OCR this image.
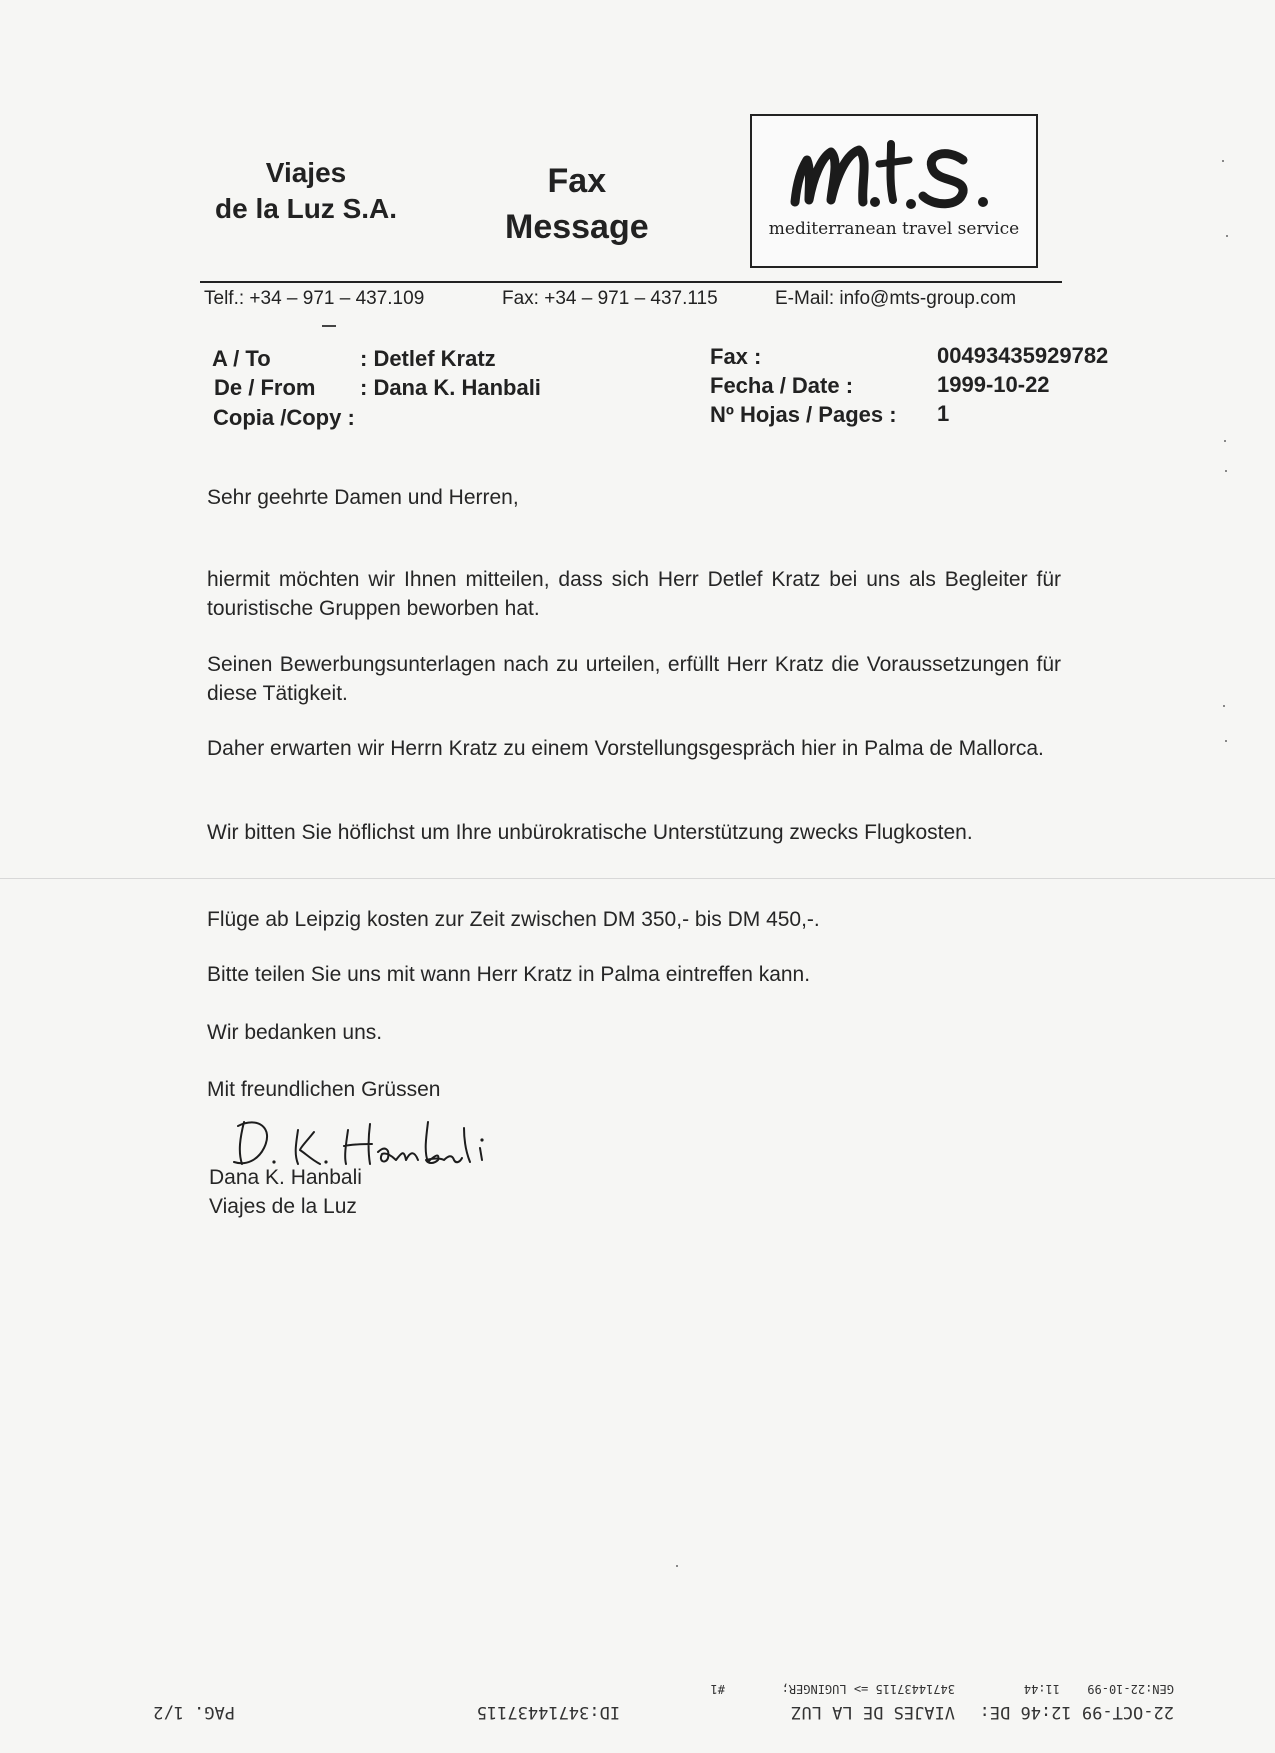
Viajes
de la Luz S.A.
Fax
Message	mediterranean travel service
Telf.: +34 – 971 – 437.109	Fax: +34 – 971 – 437.115	E-Mail: info@mts-group.com
A / To	: Detlef Kratz
De / From : Dana K. Hanbali
Copia /Copy :
Fax :	00493435929782
Fecha / Date :	1999-10-22
Nº Hojas / Pages : 1
Sehr geehrte Damen und Herren,
hiermit möchten wir Ihnen mitteilen, dass sich Herr Detlef Kratz bei uns als Begleiter für touristische Gruppen beworben hat.
Seinen Bewerbungsunterlagen nach zu urteilen, erfüllt Herr Kratz die Voraussetzungen für diese Tätigkeit.
Daher erwarten wir Herrn Kratz zu einem Vorstellungsgespräch hier in Palma de Mallorca.
Wir bitten Sie höflichst um Ihre unbürokratische Unterstützung zwecks Flugkosten.
Flüge ab Leipzig kosten zur Zeit zwischen DM 350,- bis DM 450,-.
Bitte teilen Sie uns mit wann Herr Kratz in Palma eintreffen kann.
Wir bedanken uns.
Mit freundlichen Grüssen
Dana K. Hanbali
Viajes de la Luz
22-OCT-99 12:46 DE:
VIAJES DE LA LUZ
ID:34714437115
PAG. 1/2
GEN:22-10-99
11:44
34714437115 => LUGINGER;
#1
